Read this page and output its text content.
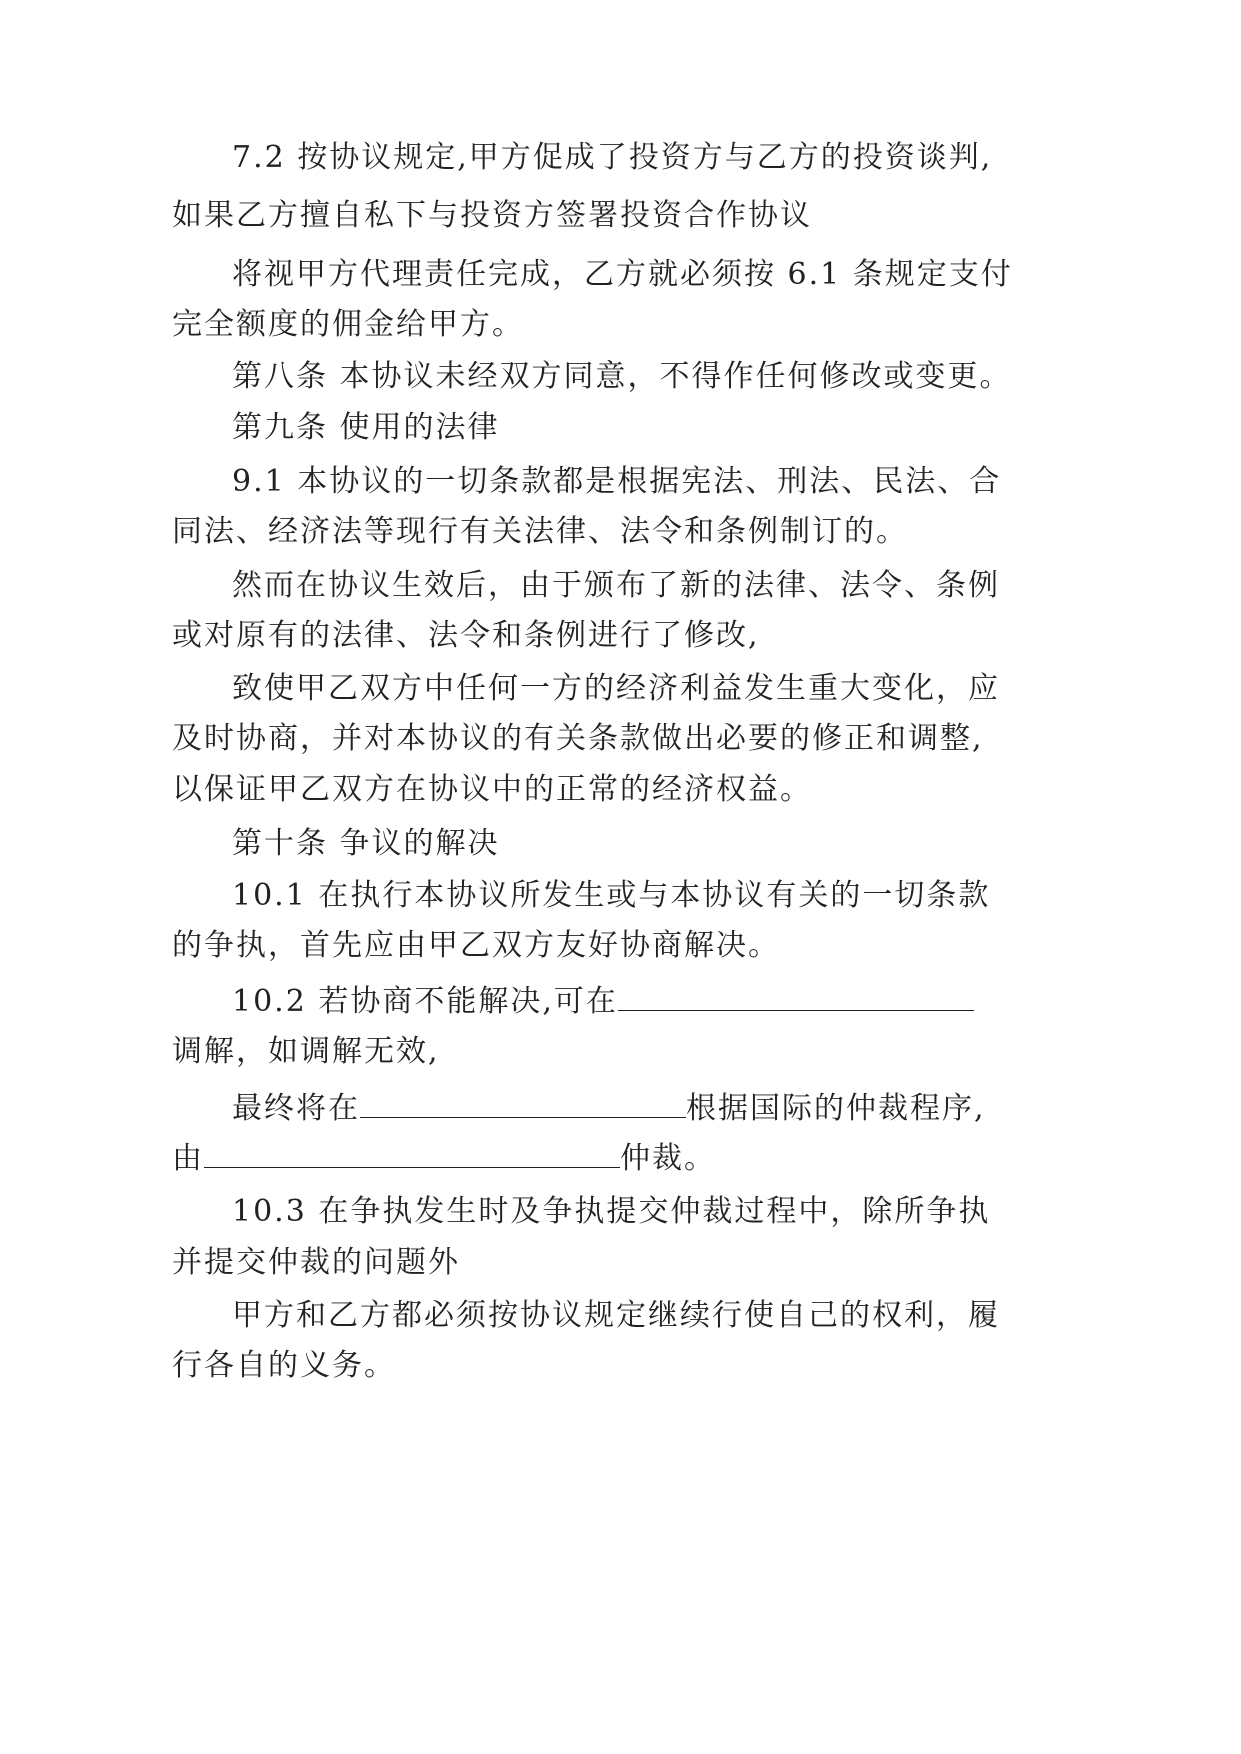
7.2 按协议规定,甲方促成了投资方与乙方的投资谈判,
如果乙方擅自私下与投资方签署投资合作协议
将视甲方代理责任完成，乙方就必须按 6.1 条规定支付
完全额度的佣金给甲方。
第八条 本协议未经双方同意，不得作任何修改或变更。
第九条 使用的法律
9.1 本协议的一切条款都是根据宪法、刑法、民法、合
同法、经济法等现行有关法律、法令和条例制订的。
然而在协议生效后，由于颁布了新的法律、法令、条例
或对原有的法律、法令和条例进行了修改,
致使甲乙双方中任何一方的经济利益发生重大变化，应
及时协商，并对本协议的有关条款做出必要的修正和调整,
以保证甲乙双方在协议中的正常的经济权益。
第十条 争议的解决
10.1 在执行本协议所发生或与本协议有关的一切条款
的争执，首先应由甲乙双方友好协商解决。
10.2 若协商不能解决,可在
调解，如调解无效,
最终将在	根据国际的仲裁程序,
由	仲裁。
10.3 在争执发生时及争执提交仲裁过程中，除所争执
并提交仲裁的问题外
甲方和乙方都必须按协议规定继续行使自己的权利，履
行各自的义务。
